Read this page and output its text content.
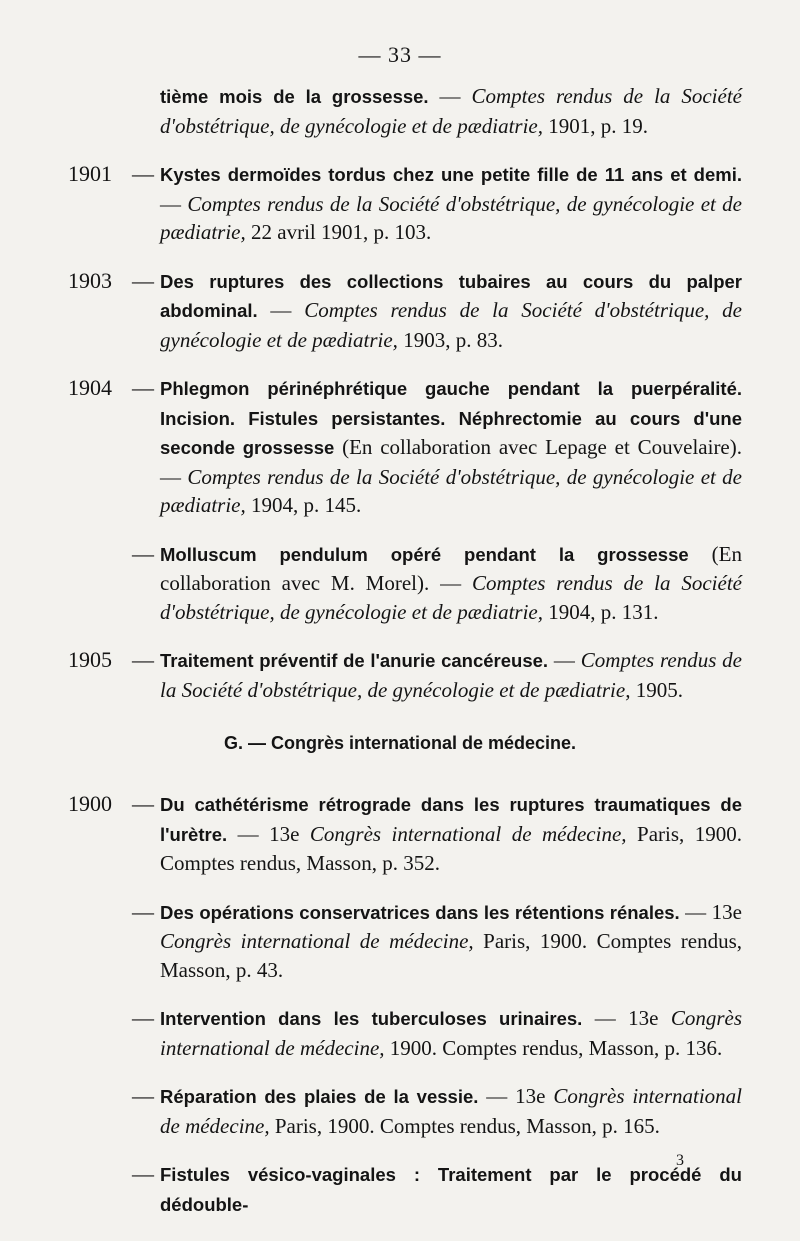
— 33 —
tième mois de la grossesse. — Comptes rendus de la Société d'obstétrique, de gynécologie et de pædiatrie, 1901, p. 19.
1901 — Kystes dermoïdes tordus chez une petite fille de 11 ans et demi. — Comptes rendus de la Société d'obstétrique, de gynécologie et de pædiatrie, 22 avril 1901, p. 103.
1903 — Des ruptures des collections tubaires au cours du palper abdominal. — Comptes rendus de la Société d'obstétrique, de gynécologie et de pædiatrie, 1903, p. 83.
1904 — Phlegmon périnéphrétique gauche pendant la puerpéralité. Incision. Fistules persistantes. Néphrectomie au cours d'une seconde grossesse (En collaboration avec Lepage et Couvelaire). — Comptes rendus de la Société d'obstétrique, de gynécologie et de pædiatrie, 1904, p. 145.
— Molluscum pendulum opéré pendant la grossesse (En collaboration avec M. Morel). — Comptes rendus de la Société d'obstétrique, de gynécologie et de pædiatrie, 1904, p. 131.
1905 — Traitement préventif de l'anurie cancéreuse. — Comptes rendus de la Société d'obstétrique, de gynécologie et de pædiatrie, 1905.
G. — Congrès international de médecine.
1900 — Du cathétérisme rétrograde dans les ruptures traumatiques de l'urètre. — 13e Congrès international de médecine, Paris, 1900. Comptes rendus, Masson, p. 352.
— Des opérations conservatrices dans les rétentions rénales. — 13e Congrès international de médecine, Paris, 1900. Comptes rendus, Masson, p. 43.
— Intervention dans les tuberculoses urinaires. — 13e Congrès international de médecine, 1900. Comptes rendus, Masson, p. 136.
— Réparation des plaies de la vessie. — 13e Congrès international de médecine, Paris, 1900. Comptes rendus, Masson, p. 165.
— Fistules vésico-vaginales : Traitement par le procédé du dédouble-
3
